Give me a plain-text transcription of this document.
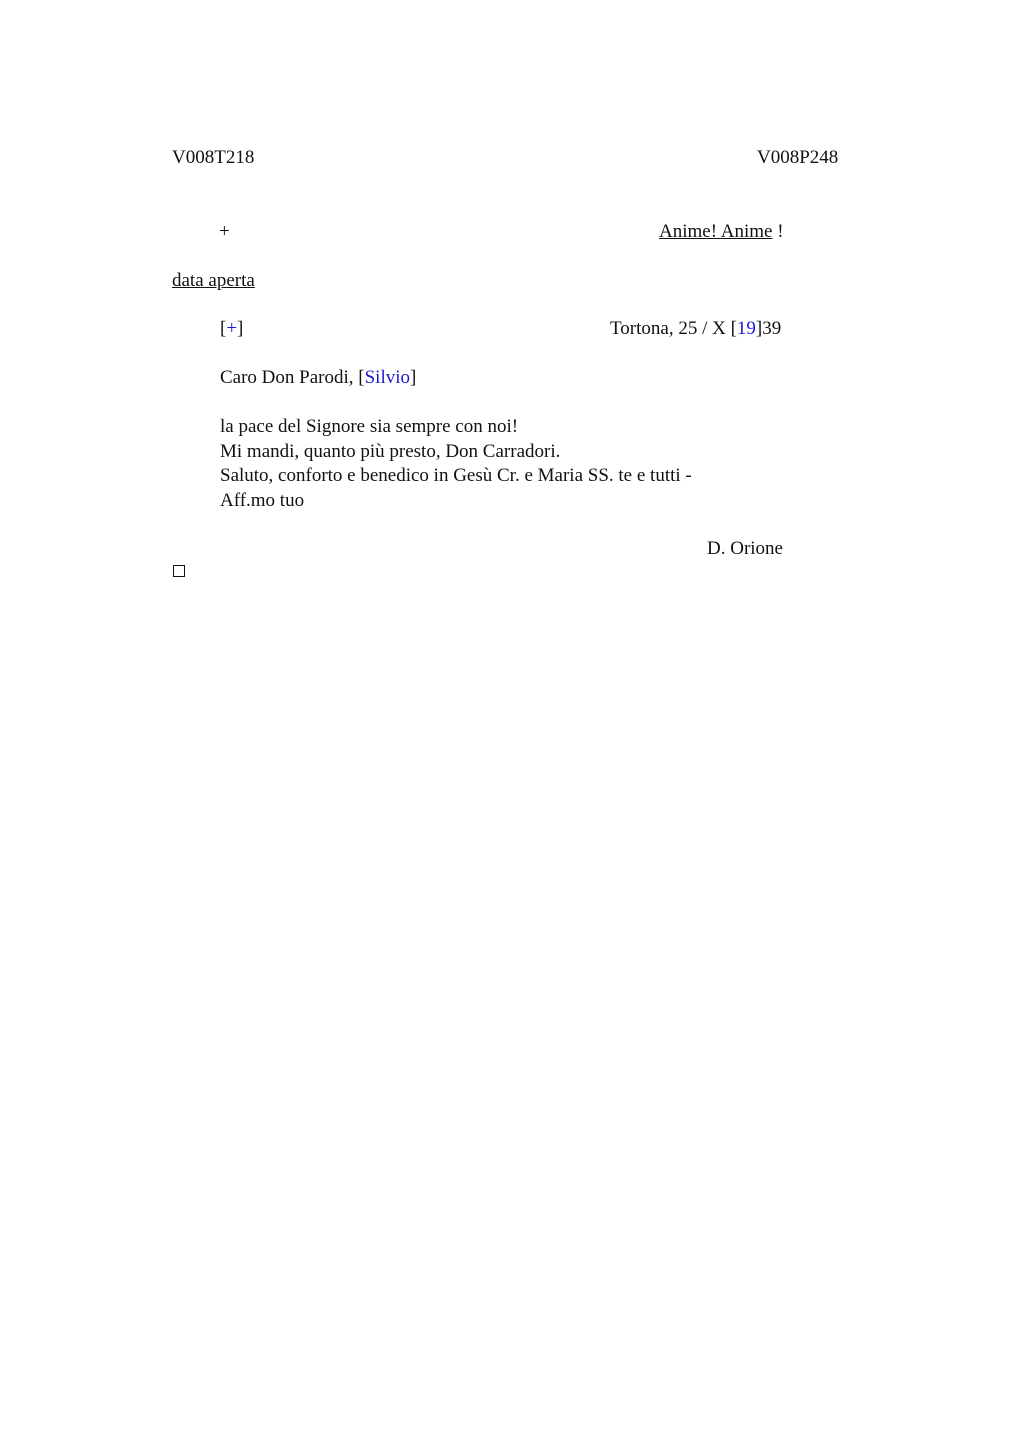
V008T218	V008P248
+	Anime! Anime !
data aperta
[+]	Tortona, 25 / X [19]39
Caro Don Parodi, [Silvio]
la pace del Signore sia sempre con noi!
Mi mandi, quanto più presto, Don Carradori.
Saluto, conforto e benedico in Gesù Cr. e Maria SS. te e tutti -
Aff.mo tuo
D. Orione
